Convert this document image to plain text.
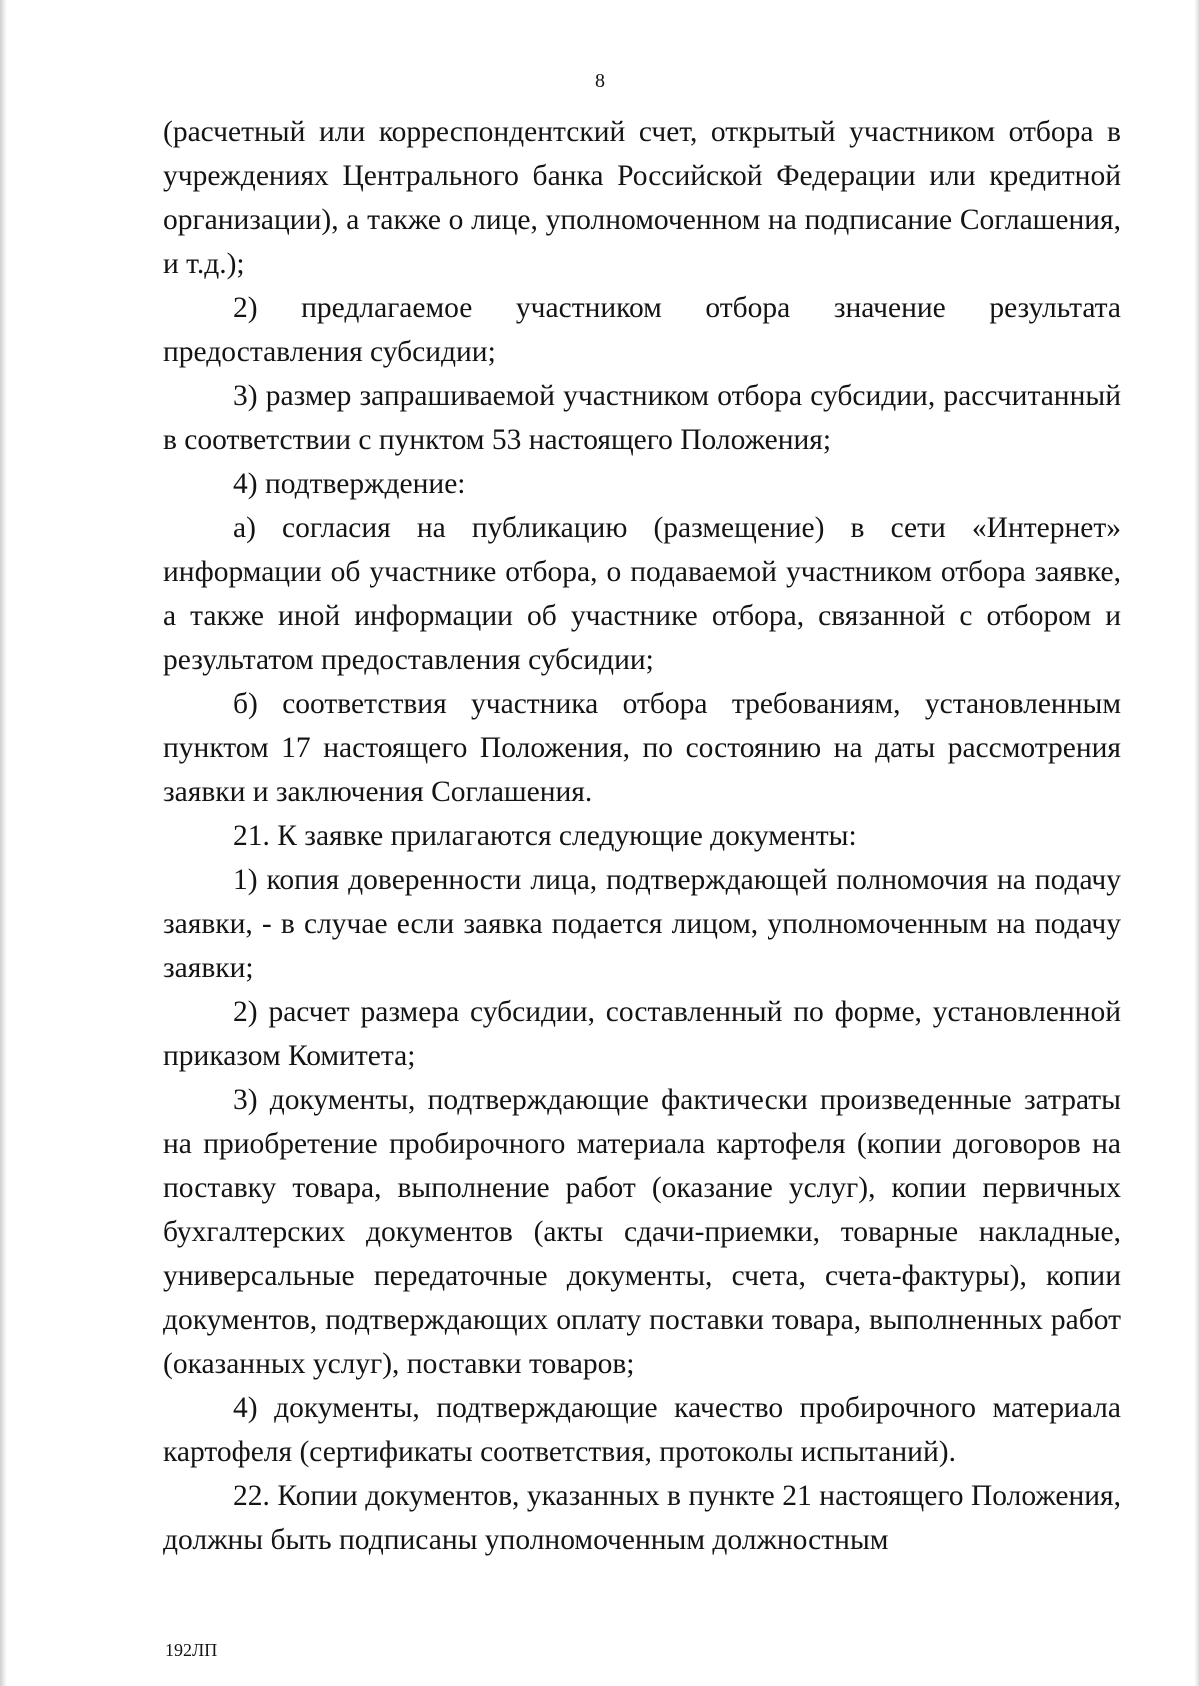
8

(расчетный или корреспондентский счет, открытый участником отбора в учреждениях Центрального банка Российской Федерации или кредитной организации), а также о лице, уполномоченном на подписание Соглашения, и т.д.);

2) предлагаемое участником отбора значение результата предоставления субсидии;

3) размер запрашиваемой участником отбора субсидии, рассчитанный в соответствии с пунктом 53 настоящего Положения;

4) подтверждение:

а) согласия на публикацию (размещение) в сети «Интернет» информации об участнике отбора, о подаваемой участником отбора заявке, а также иной информации об участнике отбора, связанной с отбором и результатом предоставления субсидии;

б) соответствия участника отбора требованиям, установленным пунктом 17 настоящего Положения, по состоянию на даты рассмотрения заявки и заключения Соглашения.

21. К заявке прилагаются следующие документы:

1) копия доверенности лица, подтверждающей полномочия на подачу заявки, - в случае если заявка подается лицом, уполномоченным на подачу заявки;

2) расчет размера субсидии, составленный по форме, установленной приказом Комитета;

3) документы, подтверждающие фактически произведенные затраты на приобретение пробирочного материала картофеля (копии договоров на поставку товара, выполнение работ (оказание услуг), копии первичных бухгалтерских документов (акты сдачи-приемки, товарные накладные, универсальные передаточные документы, счета, счета-фактуры), копии документов, подтверждающих оплату поставки товара, выполненных работ (оказанных услуг), поставки товаров;

4) документы, подтверждающие качество пробирочного материала картофеля (сертификаты соответствия, протоколы испытаний).

22. Копии документов, указанных в пункте 21 настоящего Положения, должны быть подписаны уполномоченным должностным

192ЛП
